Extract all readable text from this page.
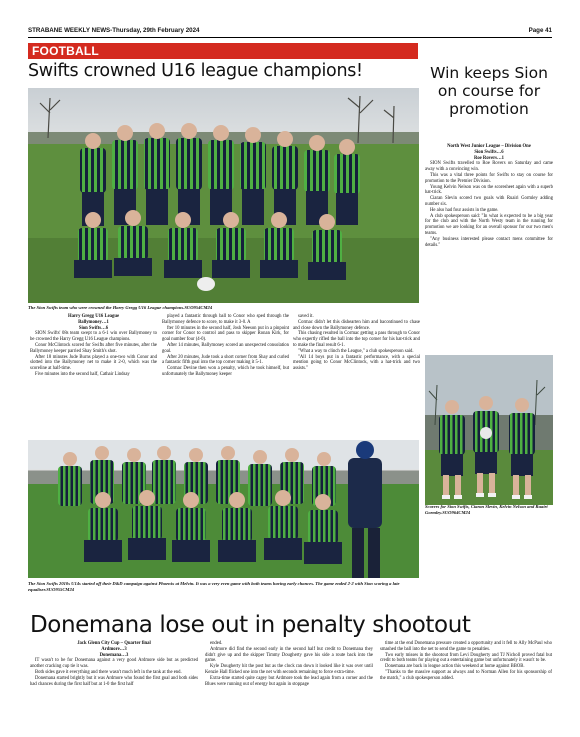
STRABANE WEEKLY NEWS-Thursday, 29th February 2024	Page 41
FOOTBALL
Swifts crowned U16 league champions!
The Sion Swifts team who were crowned the Harry Gregg U16 League champions.SUO954CM24
Win keeps Sion on course for promotion

North West Junior League – Division One

Sion Swifts…6

Roe Rovers…1

SION Swifts travelled to Roe Rovers on Saturday and came away with a convincing win.

This was a vital three points for Swifts to stay on course for promotion to the Premier Division.

Young Kelvin Nelson was on the scoresheet again with a superb hat-trick.

Ciaran Slevin scored two goals with Ruairi Gormley adding number six.

He also had four assists in the game.

A club spokesperson said: "In what is expected to be a big year for the club and with the North Westy team in the running for promotion we are looking for an overall sponsor for our two men's teams.

"Any business interested please contact mens committee for details."

Harry Gregg U16 League

Ballymoney…1

Sion Swifts…6

SION Swifts' 08s team swept to a 6-1 win over Ballymoney to be crowned the Harry Gregg U16 League champions.

Conor McClintock scored for Swifts after five minutes, after the Ballymoney keeper parried Shay Smith's shot.

After 18 minutes Jude Burns played a one-two with Conor and slotted into the Ballymoney net to make it 2-0, which was the scoreline at half-time.

Five minutes into the second half, Cathair Lindsay

played a fantastic through ball to Conor who sped through the Ballymoney defence to score, to make it 3-0. A

fter 10 minutes in the second half, Josh Neeson put in a pinpoint corner for Conor to control and pass to skipper Ronan Kirk, for goal number four (4-0).

After 14 minutes, Ballymoney scored an unexpected consolation goal.

After 20 minutes, Jude took a short corner from Shay and curled a fantastic fifth goal into the top corner making it 5-1.

Cormac Devine then won a penalty, which he took himself, but unfortunately the Ballymoney keeper

saved it.

Cormac didn't let this dishearten him and bacontinued to chase and close down the Ballymoney defence.

This chasing resulted in Cormac getting a pass through to Conor who expertly rifled the ball into the top corner for his hat-trick and to make the final result 6-1.

"What a way to clinch the League," a club spokesperson said.

"All 14 boys put in a fantastic performance, with a special mention going to Conor McClintock, with a hat-trick and two assists."

Scorers for Sion Swifts, Ciaran Slevin, Kelvin Nelson and Ruairi Gormley.SUO964CM24
The Sion Swifts 2010s U14s started off their D&D campaign against Phoenix at Melvin. It was a very even game with both teams having early chances. The game ended 2-2 with Sion scoring a late equaliser.SUO955CM24
Donemana lose out in penalty shootout

Jack Glenn City Cup – Quarter final

Ardmore…3

Donemana…3

IT wasn't to be for Donemana against a very good Ardmore side but as predicted another cracking cup tie it was.

Both sides gave it everything and there wasn't much left in the tank at the end.

Donemana started brightly but it was Ardmore who found the first goal and both sides had chances during the first half but at 1-0 the first half

ended.

Ardmore did find the second early in the second half but credit to Donemana they didn't give up and the skipper Timmy Dougherty gave his side a route back into the game.

Kyle Dougherty hit the post but as the clock ran down it looked like it was over until Kenzie Hall flicked one into the net with seconds remaining to force extra-time.

Extra-time started quite cagey but Ardmore took the lead again from a corner and the Blues were running out of energy but again in stoppage

time at the end Donemana pressure created a opportunity and it fell to Ally McPaul who smashed the ball into the net to send the game to penalties.

Two early misses in the shootout from Levi Dougherty and TJ Nicholl proved fatal but credit to both teams for playing out a entertaining game but unfortunately it wasn't to be.

Donemana are back in league action this weekend at home against BBOB.

"Thanks to the massive support as always and to Norman Allen for his sponsorship of the match," a club spokesperson added.
